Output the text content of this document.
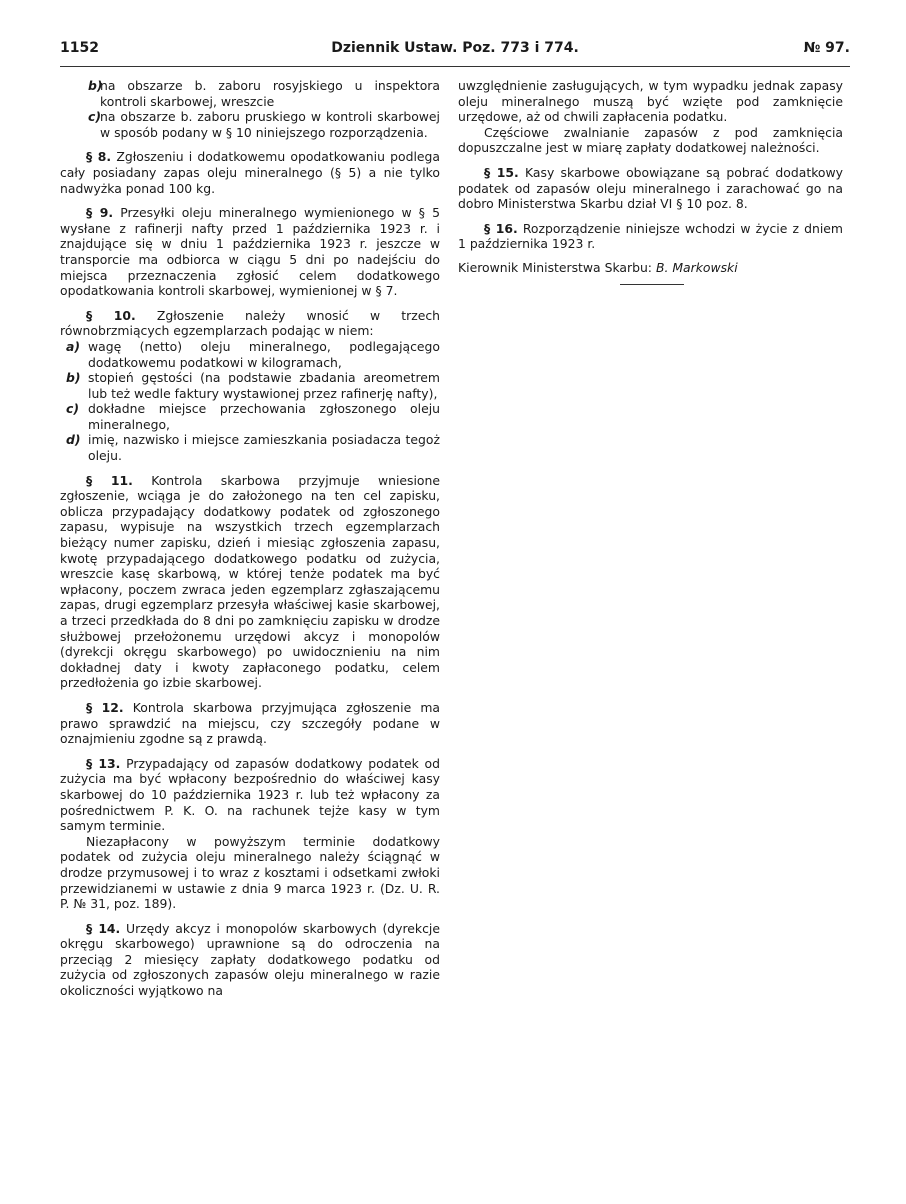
1152	Dziennik Ustaw. Poz. 773 i 774.	№ 97.
b)
na obszarze b. zaboru rosyjskiego u inspektora kontroli skarbowej, wreszcie
c)
na obszarze b. zaboru pruskiego w kontroli skarbowej w sposób podany w § 10 niniejszego rozporządzenia.

§ 8. Zgłoszeniu i dodatkowemu opodatkowaniu podlega cały posiadany zapas oleju mineralnego (§ 5) a nie tylko nadwyżka ponad 100 kg.

§ 9. Przesyłki oleju mineralnego wymienionego w § 5 wysłane z rafinerji nafty przed 1 października 1923 r. i znajdujące się w dniu 1 października 1923 r. jeszcze w transporcie ma odbiorca w ciągu 5 dni po nadejściu do miejsca przeznaczenia zgłosić celem dodatkowego opodatkowania kontroli skarbowej, wymienionej w § 7.

§ 10. Zgłoszenie należy wnosić w trzech równobrzmiących egzemplarzach podając w niem:

a) wagę (netto) oleju mineralnego, podlegającego dodatkowemu podatkowi w kilogramach,
b) stopień gęstości (na podstawie zbadania areometrem lub też wedle faktury wystawionej przez rafinerję nafty),
c) dokładne miejsce przechowania zgłoszonego oleju mineralnego,
d) imię, nazwisko i miejsce zamieszkania posiadacza tegoż oleju.

§ 11. Kontrola skarbowa przyjmuje wniesione zgłoszenie, wciąga je do założonego na ten cel zapisku, oblicza przypadający dodatkowy podatek od zgłoszonego zapasu, wypisuje na wszystkich trzech egzemplarzach bieżący numer zapisku, dzień i miesiąc zgłoszenia zapasu, kwotę przypadającego dodatkowego podatku od zużycia, wreszcie kasę skarbową, w której tenże podatek ma być wpłacony, poczem zwraca jeden egzemplarz zgłaszającemu zapas, drugi egzemplarz przesyła właściwej kasie skarbowej, a trzeci przedkłada do 8 dni po zamknięciu zapisku w drodze służbowej przełożonemu urzędowi akcyz i monopolów (dyrekcji okręgu skarbowego) po uwidocznieniu na nim dokładnej daty i kwoty zapłaconego podatku, celem przedłożenia go izbie skarbowej.

§ 12. Kontrola skarbowa przyjmująca zgłoszenie ma prawo sprawdzić na miejscu, czy szczegóły podane w oznajmieniu zgodne są z prawdą.

§ 13. Przypadający od zapasów dodatkowy podatek od zużycia ma być wpłacony bezpośrednio do właściwej kasy skarbowej do 10 października 1923 r. lub też wpłacony za pośrednictwem P. K. O. na rachunek tejże kasy w tym samym terminie.

Niezapłacony w powyższym terminie dodatkowy podatek od zużycia oleju mineralnego należy ściągnąć w drodze przymusowej i to wraz z kosztami i odsetkami zwłoki przewidzianemi w ustawie z dnia 9 marca 1923 r. (Dz. U. R. P. № 31, poz. 189).

§ 14. Urzędy akcyz i monopolów skarbowych (dyrekcje okręgu skarbowego) uprawnione są do odroczenia na przeciąg 2 miesięcy zapłaty dodatkowego podatku od zużycia od zgłoszonych zapasów oleju mineralnego w razie okoliczności wyjątkowo na

uwzględnienie zasługujących, w tym wypadku jednak zapasy oleju mineralnego muszą być wzięte pod zamknięcie urzędowe, aż od chwili zapłacenia podatku.

Częściowe zwalnianie zapasów z pod zamknięcia dopuszczalne jest w miarę zapłaty dodatkowej należności.

§ 15. Kasy skarbowe obowiązane są pobrać dodatkowy podatek od zapasów oleju mineralnego i zarachować go na dobro Ministerstwa Skarbu dział VI § 10 poz. 8.

§ 16. Rozporządzenie niniejsze wchodzi w życie z dniem 1 października 1923 r.

Kierownik Ministerstwa Skarbu: B. Markowski
